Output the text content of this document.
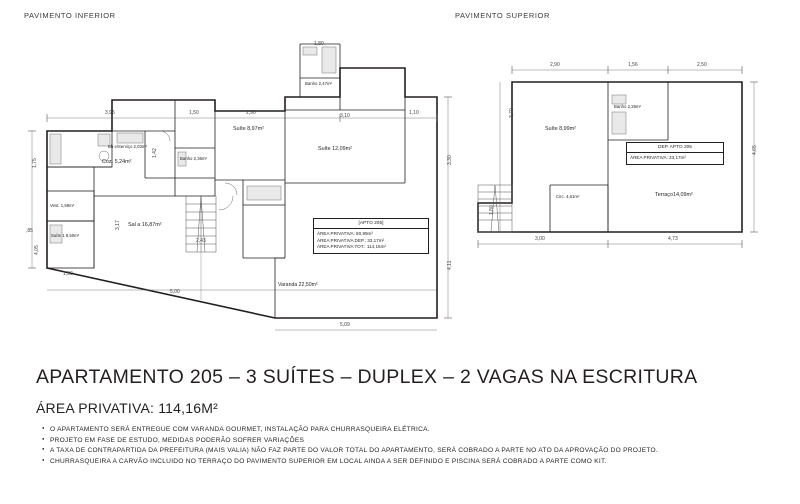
PAVIMENTO INFERIOR	PAVIMENTO SUPERIOR
Coz. 5,24m²
Bh e/Serviço 2,03m²
Banho 2,36m²
Vest. 1,59m²
Suíte 1 8,50m²
Sal a 16,87m²
Suíte 8,97m²
Suíte 12,09m²
Banho 2,47m²
Varanda 22,50m²
3,95	1,50	2,90	1,10
1,80
3,10
,85
1,42
2,43
1,75
3,17
4,05
3,30
4,11
1,50
5,00
5,09
[APTO 205]
ÁREA PRIVATIVA: 80,99m²
ÁREA PRIVATIVA DEP.: 33,17m²
ÁREA PRIVATIVA TOT.: 114,16m²
Suíte 8,99m²
Banho 2,26m²
Circ. 4,61m²	Terraço14,09m²
2,90	1,56	2,50
3,70
1,80
4,65
3,00	4,73
DEP. APTO 205
ÁREA PRIVATIVA: 33,17m²
APARTAMENTO 205 – 3 SUÍTES – DUPLEX – 2 VAGAS NA ESCRITURA
ÁREA PRIVATIVA: 114,16M²
● O APARTAMENTO SERÁ ENTREGUE COM VARANDA GOURMET, INSTALAÇÃO PARA CHURRASQUEIRA ELÉTRICA.
● PROJETO EM FASE DE ESTUDO, MEDIDAS PODERÃO SOFRER VARIAÇÕES
● A TAXA DE CONTRAPARTIDA DA PREFEITURA (MAIS VALIA) NÃO FAZ PARTE DO VALOR TOTAL DO APARTAMENTO, SERÁ COBRADO A PARTE NO ATO DA APROVAÇÃO DO PROJETO.
● CHURRASQUEIRA A CARVÃO INCLUIDO NO TERRAÇO DO PAVIMENTO SUPERIOR EM LOCAL AINDA A SER DEFINIDO E PISCINA SERÁ COBRADO A PARTE COMO KIT.
